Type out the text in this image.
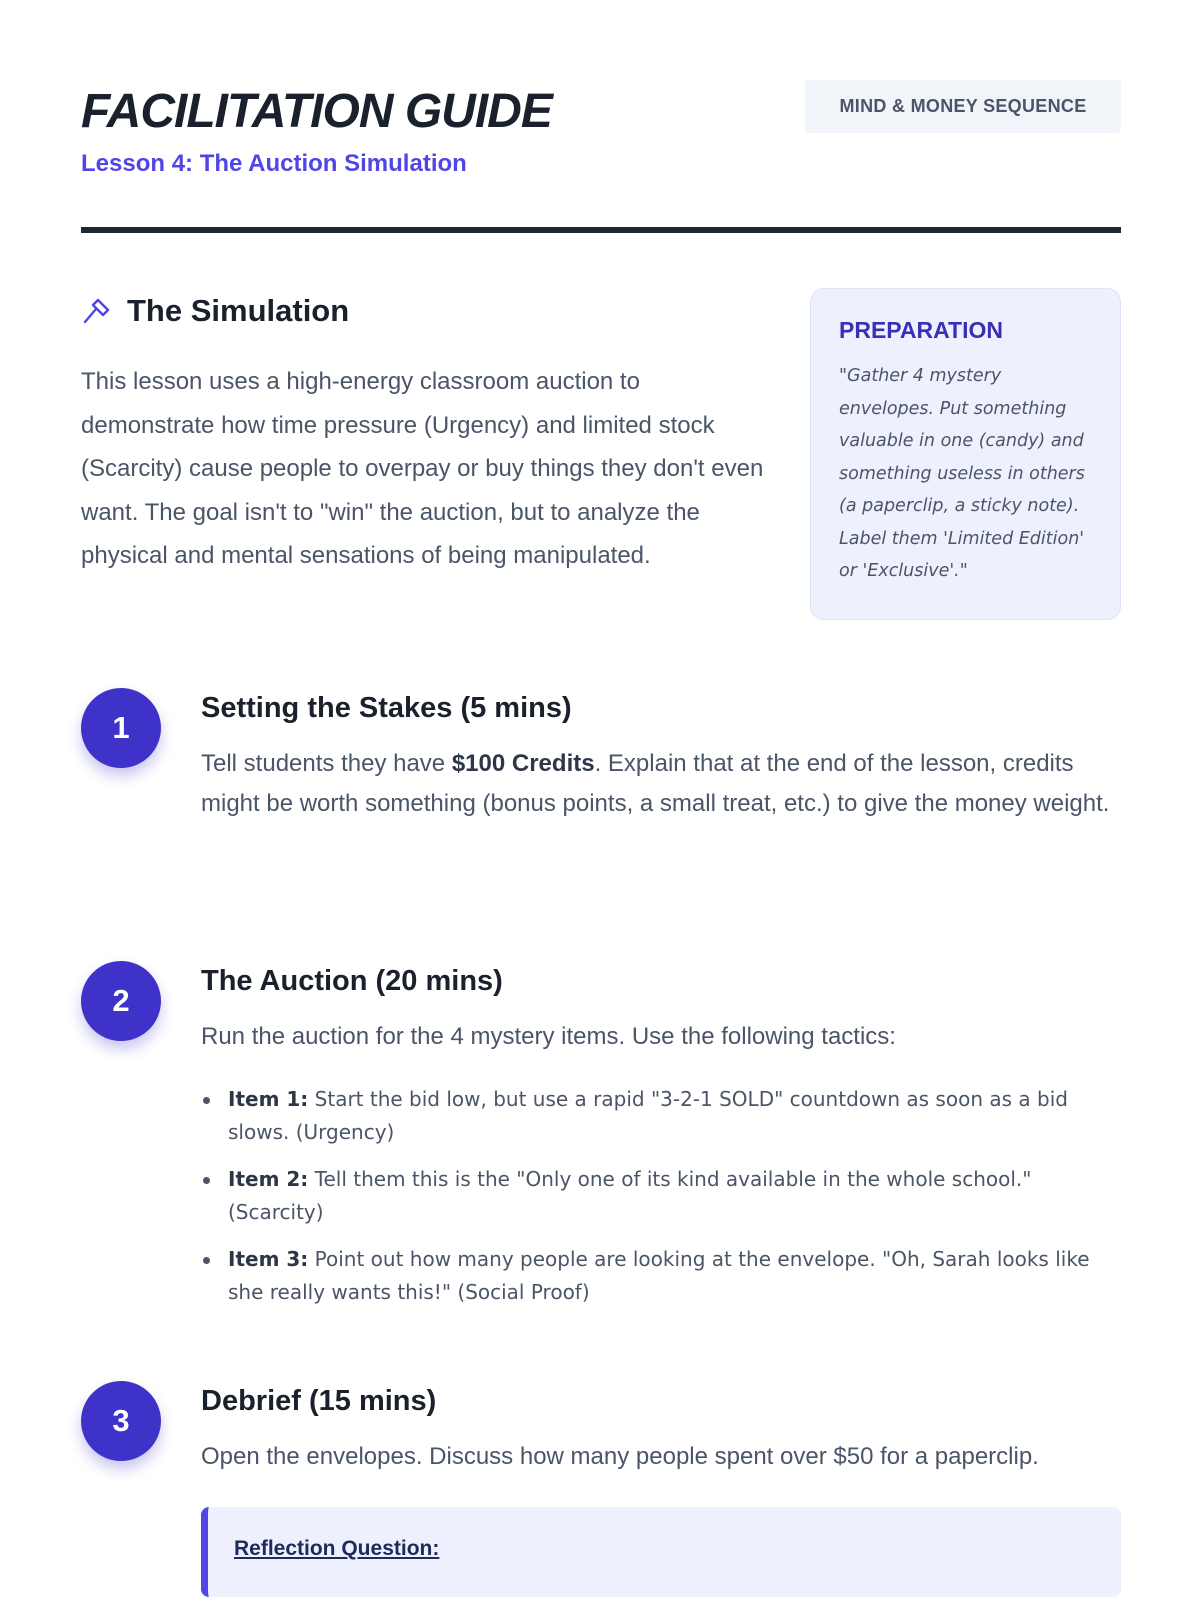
FACILITATION GUIDE
Lesson 4: The Auction Simulation
MIND & MONEY SEQUENCE
The Simulation
This lesson uses a high-energy classroom auction to demonstrate how time pressure (Urgency) and limited stock (Scarcity) cause people to overpay or buy things they don't even want. The goal isn't to "win" the auction, but to analyze the physical and mental sensations of being manipulated.
PREPARATION
"Gather 4 mystery envelopes. Put something valuable in one (candy) and something useless in others (a paperclip, a sticky note). Label them 'Limited Edition' or 'Exclusive'."
1
Setting the Stakes (5 mins)
Tell students they have $100 Credits. Explain that at the end of the lesson, credits might be worth something (bonus points, a small treat, etc.) to give the money weight.
2
The Auction (20 mins)
Run the auction for the 4 mystery items. Use the following tactics:
Item 1: Start the bid low, but use a rapid "3-2-1 SOLD" countdown as soon as a bid slows. (Urgency)
Item 2: Tell them this is the "Only one of its kind available in the whole school." (Scarcity)
Item 3: Point out how many people are looking at the envelope. "Oh, Sarah looks like she really wants this!" (Social Proof)
3
Debrief (15 mins)
Open the envelopes. Discuss how many people spent over $50 for a paperclip.
Reflection Question:
